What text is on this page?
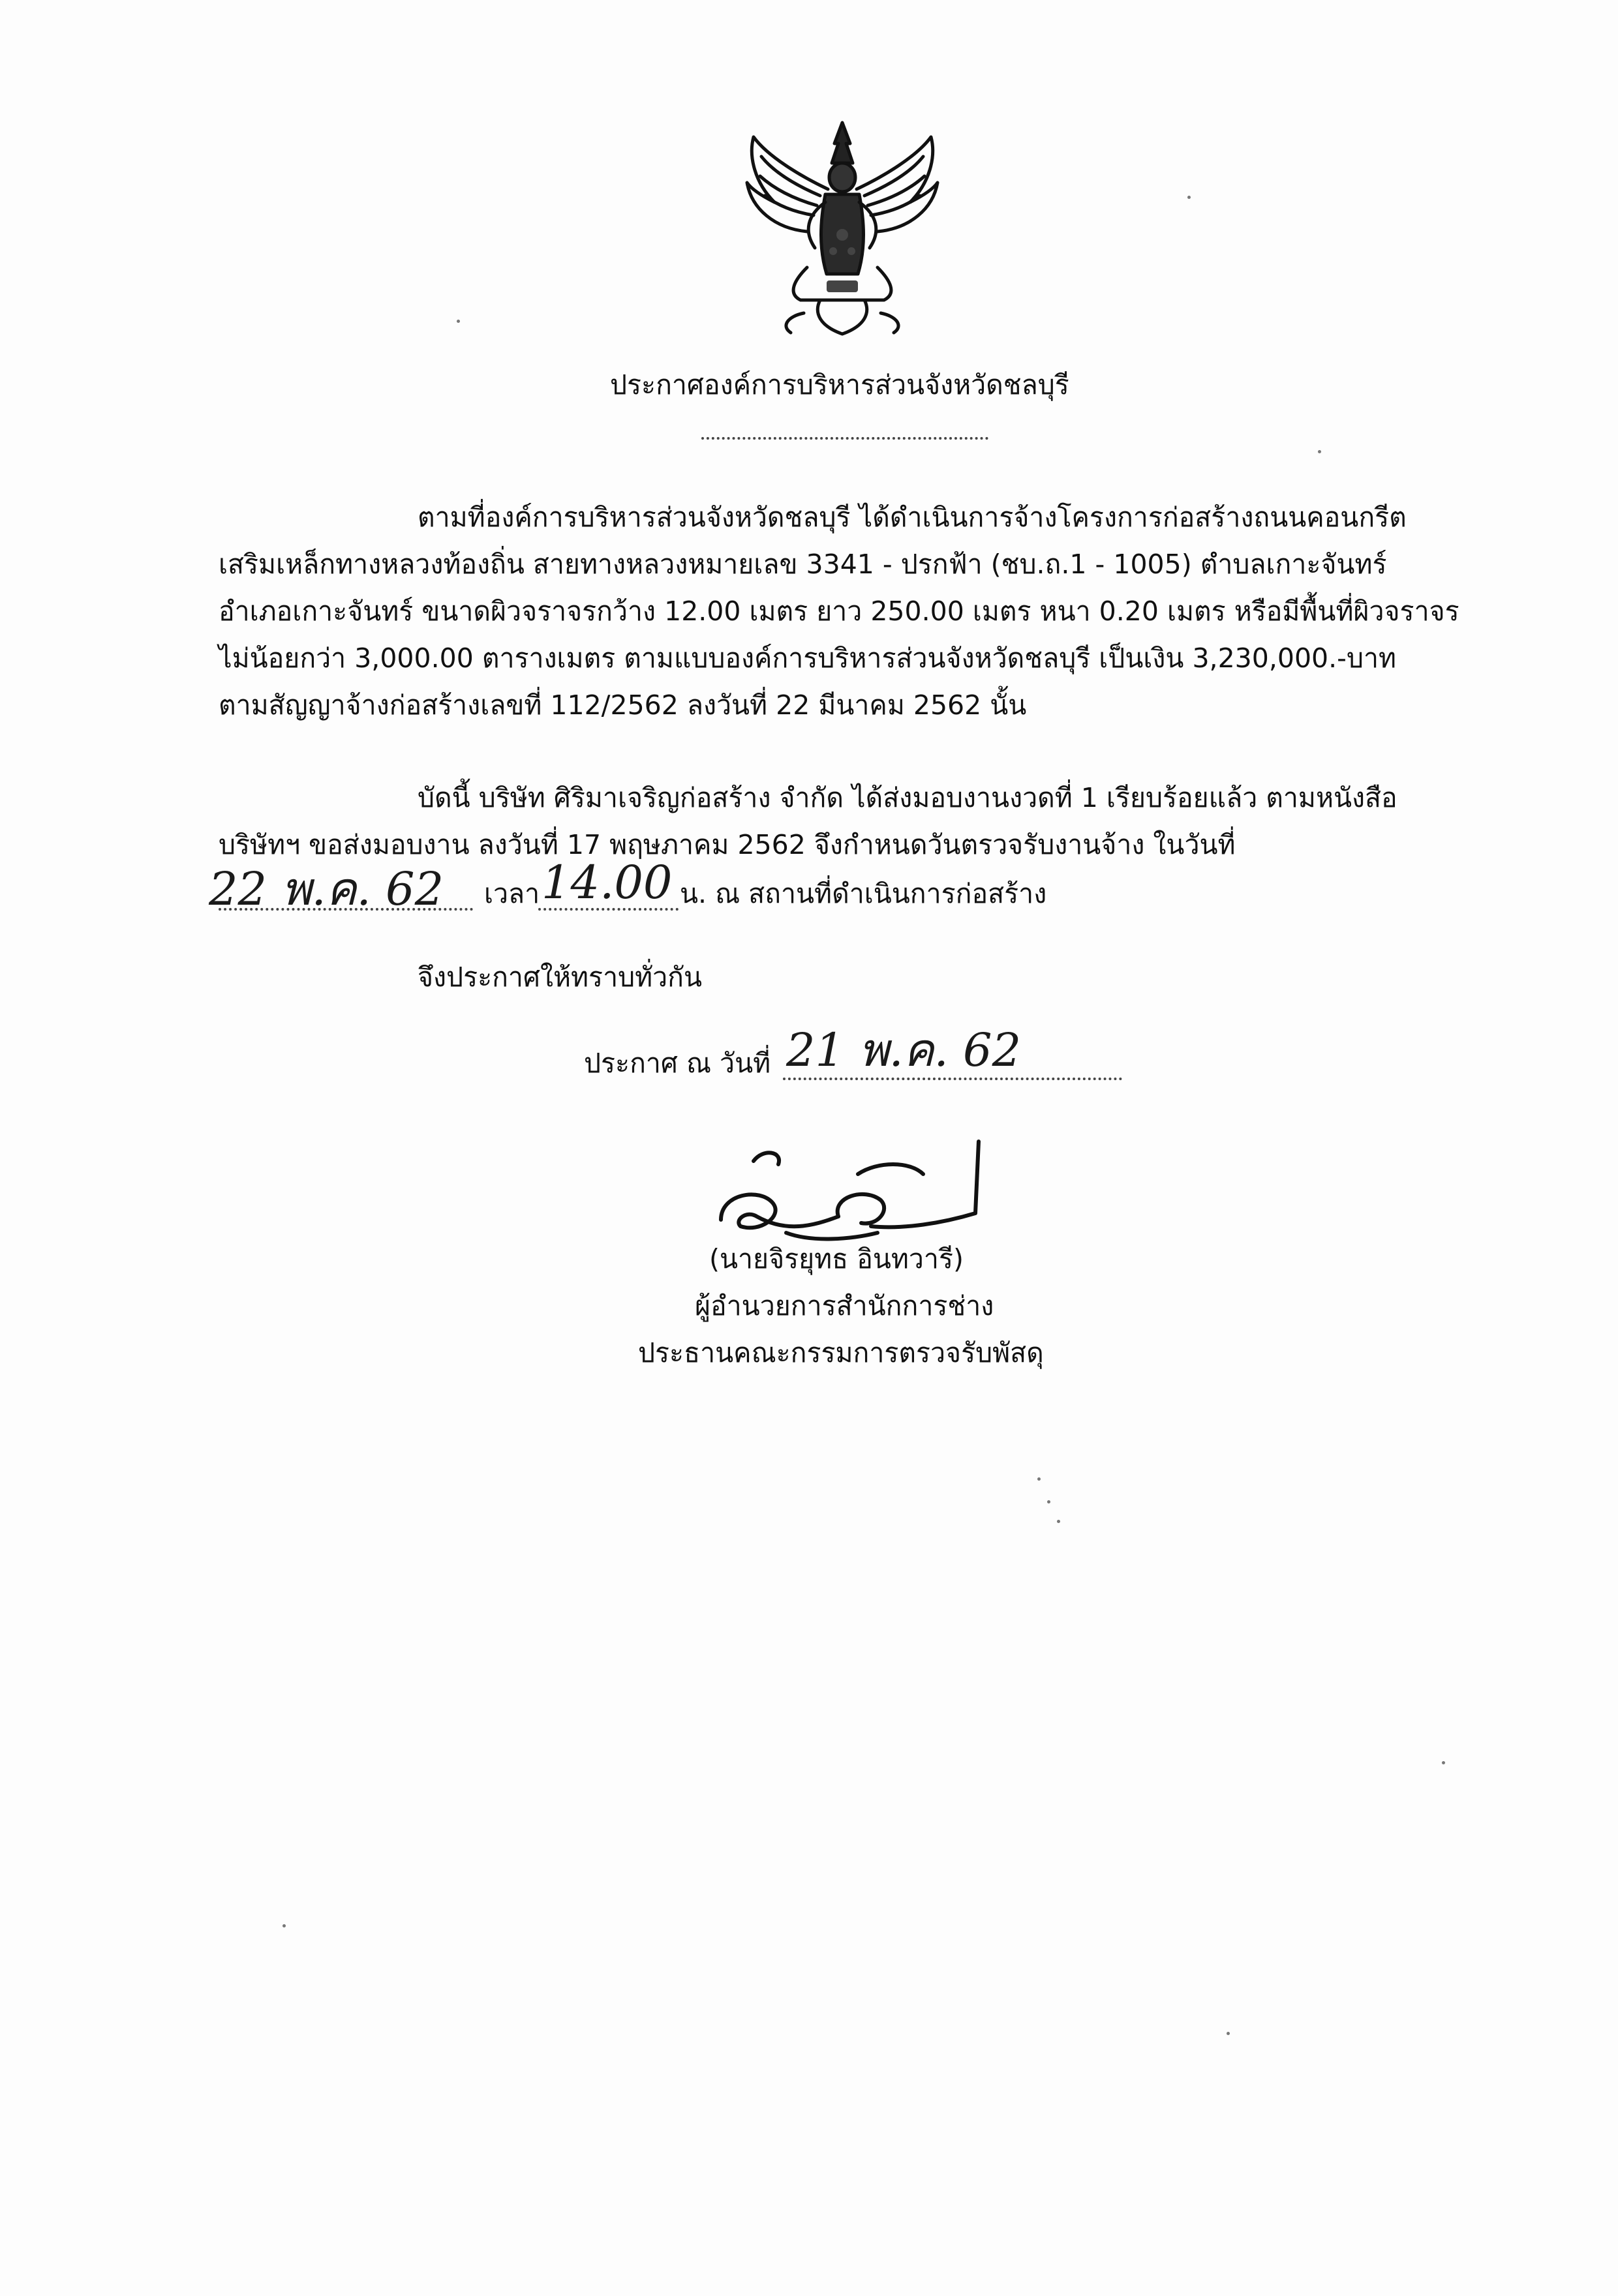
ประกาศองค์การบริหารส่วนจังหวัดชลบุรี
ตามที่องค์การบริหารส่วนจังหวัดชลบุรี ได้ดำเนินการจ้างโครงการก่อสร้างถนนคอนกรีต
เสริมเหล็กทางหลวงท้องถิ่น สายทางหลวงหมายเลข 3341 - ปรกฟ้า (ชบ.ถ.1 - 1005) ตำบลเกาะจันทร์
อำเภอเกาะจันทร์ ขนาดผิวจราจรกว้าง 12.00 เมตร ยาว 250.00 เมตร หนา 0.20 เมตร หรือมีพื้นที่ผิวจราจร
ไม่น้อยกว่า 3,000.00 ตารางเมตร ตามแบบองค์การบริหารส่วนจังหวัดชลบุรี เป็นเงิน 3,230,000.-บาท
ตามสัญญาจ้างก่อสร้างเลขที่ 112/2562 ลงวันที่ 22 มีนาคม 2562 นั้น
บัดนี้ บริษัท ศิริมาเจริญก่อสร้าง จำกัด ได้ส่งมอบงานงวดที่ 1 เรียบร้อยแล้ว ตามหนังสือ
บริษัทฯ ขอส่งมอบงาน ลงวันที่ 17 พฤษภาคม 2562 จึงกำหนดวันตรวจรับงานจ้าง ในวันที่
22 พ.ค. 62 เวลา 14.00 น. ณ สถานที่ดำเนินการก่อสร้าง
จึงประกาศให้ทราบทั่วกัน
ประกาศ ณ วันที่ 21 พ.ค. 62
(นายจิรยุทธ อินทวารี)
ผู้อำนวยการสำนักการช่าง
ประธานคณะกรรมการตรวจรับพัสดุ
